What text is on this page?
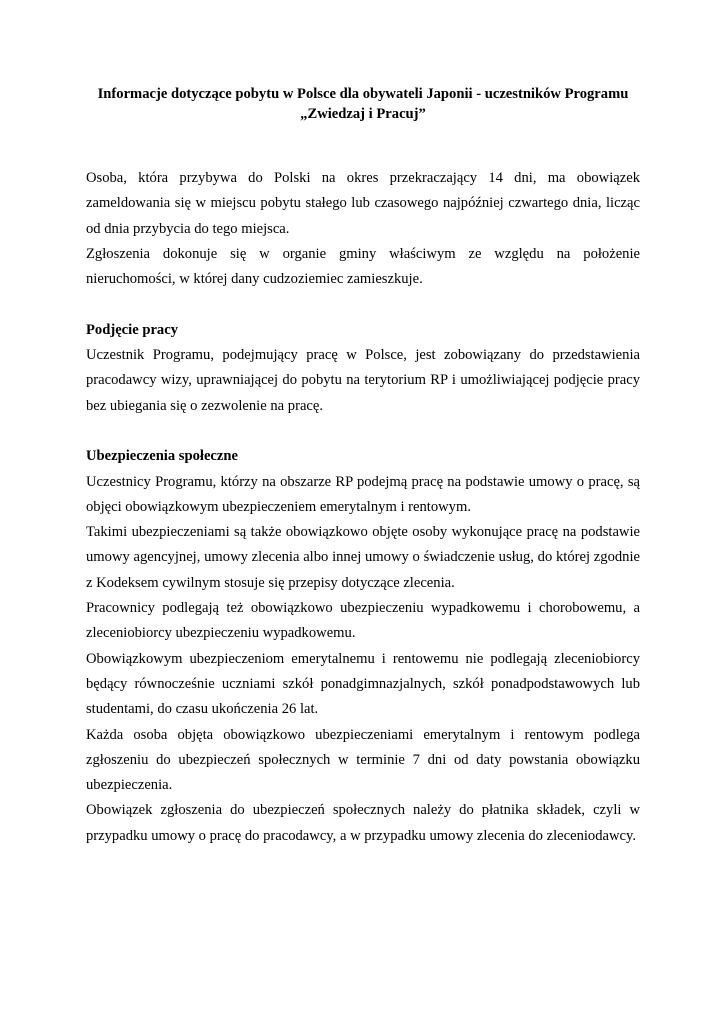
Informacje dotyczące pobytu w Polsce dla obywateli Japonii - uczestników Programu
„Zwiedzaj i Pracuj”

Osoba, która przybywa do Polski na okres przekraczający 14 dni, ma obowiązek zameldowania się w miejscu pobytu stałego lub czasowego najpóźniej czwartego dnia, licząc od dnia przybycia do tego miejsca.

Zgłoszenia dokonuje się w organie gminy właściwym ze względu na położenie nieruchomości, w której dany cudzoziemiec zamieszkuje.

Podjęcie pracy

Uczestnik Programu, podejmujący pracę w Polsce, jest zobowiązany do przedstawienia pracodawcy wizy, uprawniającej do pobytu na terytorium RP i umożliwiającej podjęcie pracy bez ubiegania się o zezwolenie na pracę.

Ubezpieczenia społeczne

Uczestnicy Programu, którzy na obszarze RP podejmą pracę na podstawie umowy o pracę, są objęci obowiązkowym ubezpieczeniem emerytalnym i rentowym.

Takimi ubezpieczeniami są także obowiązkowo objęte osoby wykonujące pracę na podstawie umowy agencyjnej, umowy zlecenia albo innej umowy o świadczenie usług, do której zgodnie z Kodeksem cywilnym stosuje się przepisy dotyczące zlecenia.

Pracownicy podlegają też obowiązkowo ubezpieczeniu wypadkowemu i chorobowemu, a zleceniobiorcy ubezpieczeniu wypadkowemu.

Obowiązkowym ubezpieczeniom emerytalnemu i rentowemu nie podlegają zleceniobiorcy będący równocześnie uczniami szkół ponadgimnazjalnych, szkół ponadpodstawowych lub studentami, do czasu ukończenia 26 lat.

Każda osoba objęta obowiązkowo ubezpieczeniami emerytalnym i rentowym podlega zgłoszeniu do ubezpieczeń społecznych w terminie 7 dni od daty powstania obowiązku ubezpieczenia.

Obowiązek zgłoszenia do ubezpieczeń społecznych należy do płatnika składek, czyli w przypadku umowy o pracę do pracodawcy, a w przypadku umowy zlecenia do zleceniodawcy.
